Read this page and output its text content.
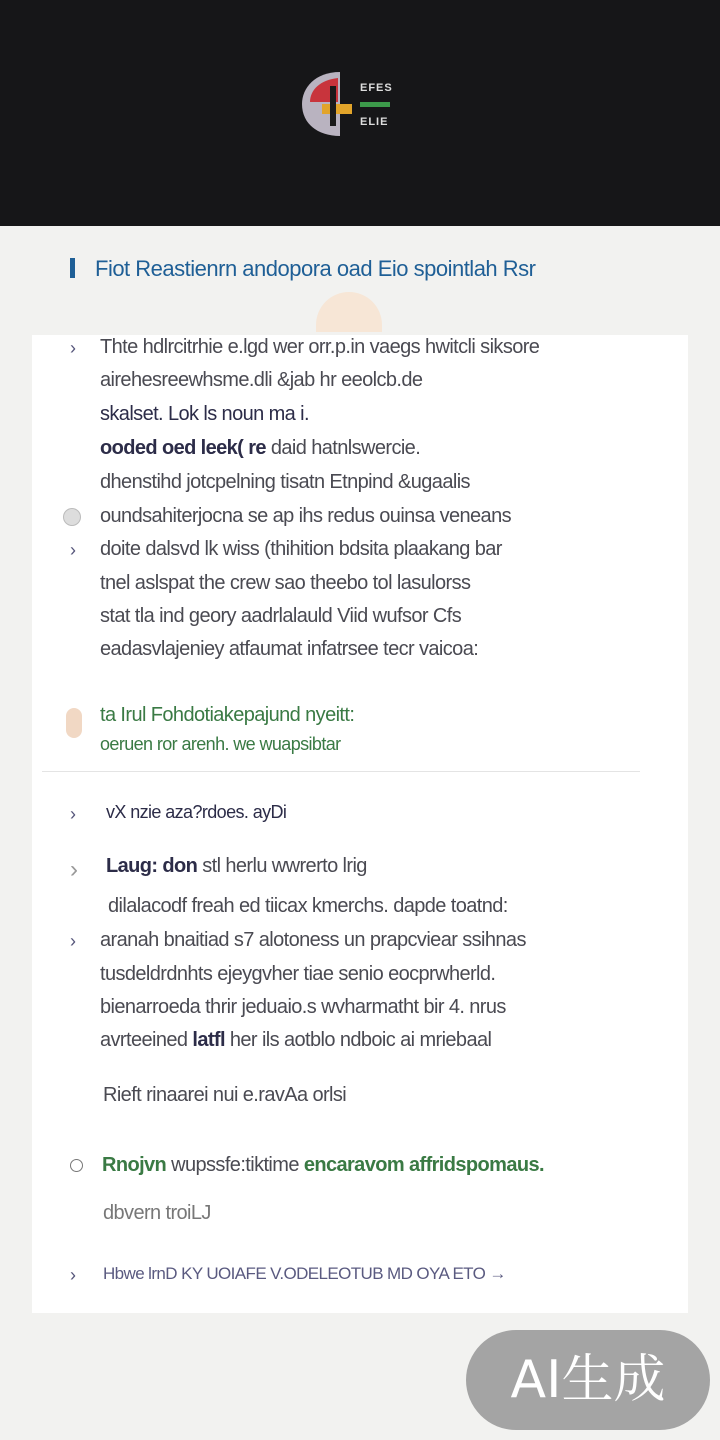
EFES
ELIE
Fiot Reastienrn andopora oad Eio spointlah Rsr
› Thte hdlrcitrhie e.lgd wer orr.p.in vaegs hwitcli siksore
airehesreewhsme.dli &jab hr eeolcb.de
skalset. Lok ls noun ma i.
ooded oed leek( re daid hatnlswercie.
dhenstihd jotcpelning tisatn Etnpind &ugaalis
oundsahiterjocna se ap ihs redus ouinsa veneans
› doite dalsvd lk wiss (thihition bdsita plaakang bar
tnel aslspat the crew sao theebo tol lasulorss
stat tla ind geory aadrlalauld Viid wufsor Cfs
eadasvlajeniey atfaumat infatrsee tecr vaicoa:
ta Irul Fohdotiakepajund nyeitt:
oeruen ror arenh. we wuapsibtar
› vX nzie aza?rdoes. ayDi
› Laug: don stl herlu wwrerto lrig
dilalacodf freah ed tiicax kmerchs. dapde toatnd:
› aranah bnaitiad s7 alotoness un prapcviear ssihnas
tusdeldrdnhts ejeygvher tiae senio eocprwherld.
bienarroeda thrir jeduaio.s wvharmatht bir 4. nrus
avrteeined latfl her ils aotblo ndboic ai mriebaal
Rieft rinaarei nui e.ravAa orlsi
Rnojvn wupssfe:tiktime encaravom affridspomaus.
dbvern troiLJ
› Hbwe lrnD KY UOIAFE V.ODELEOTUB MD OYA ETO →
AI生成
